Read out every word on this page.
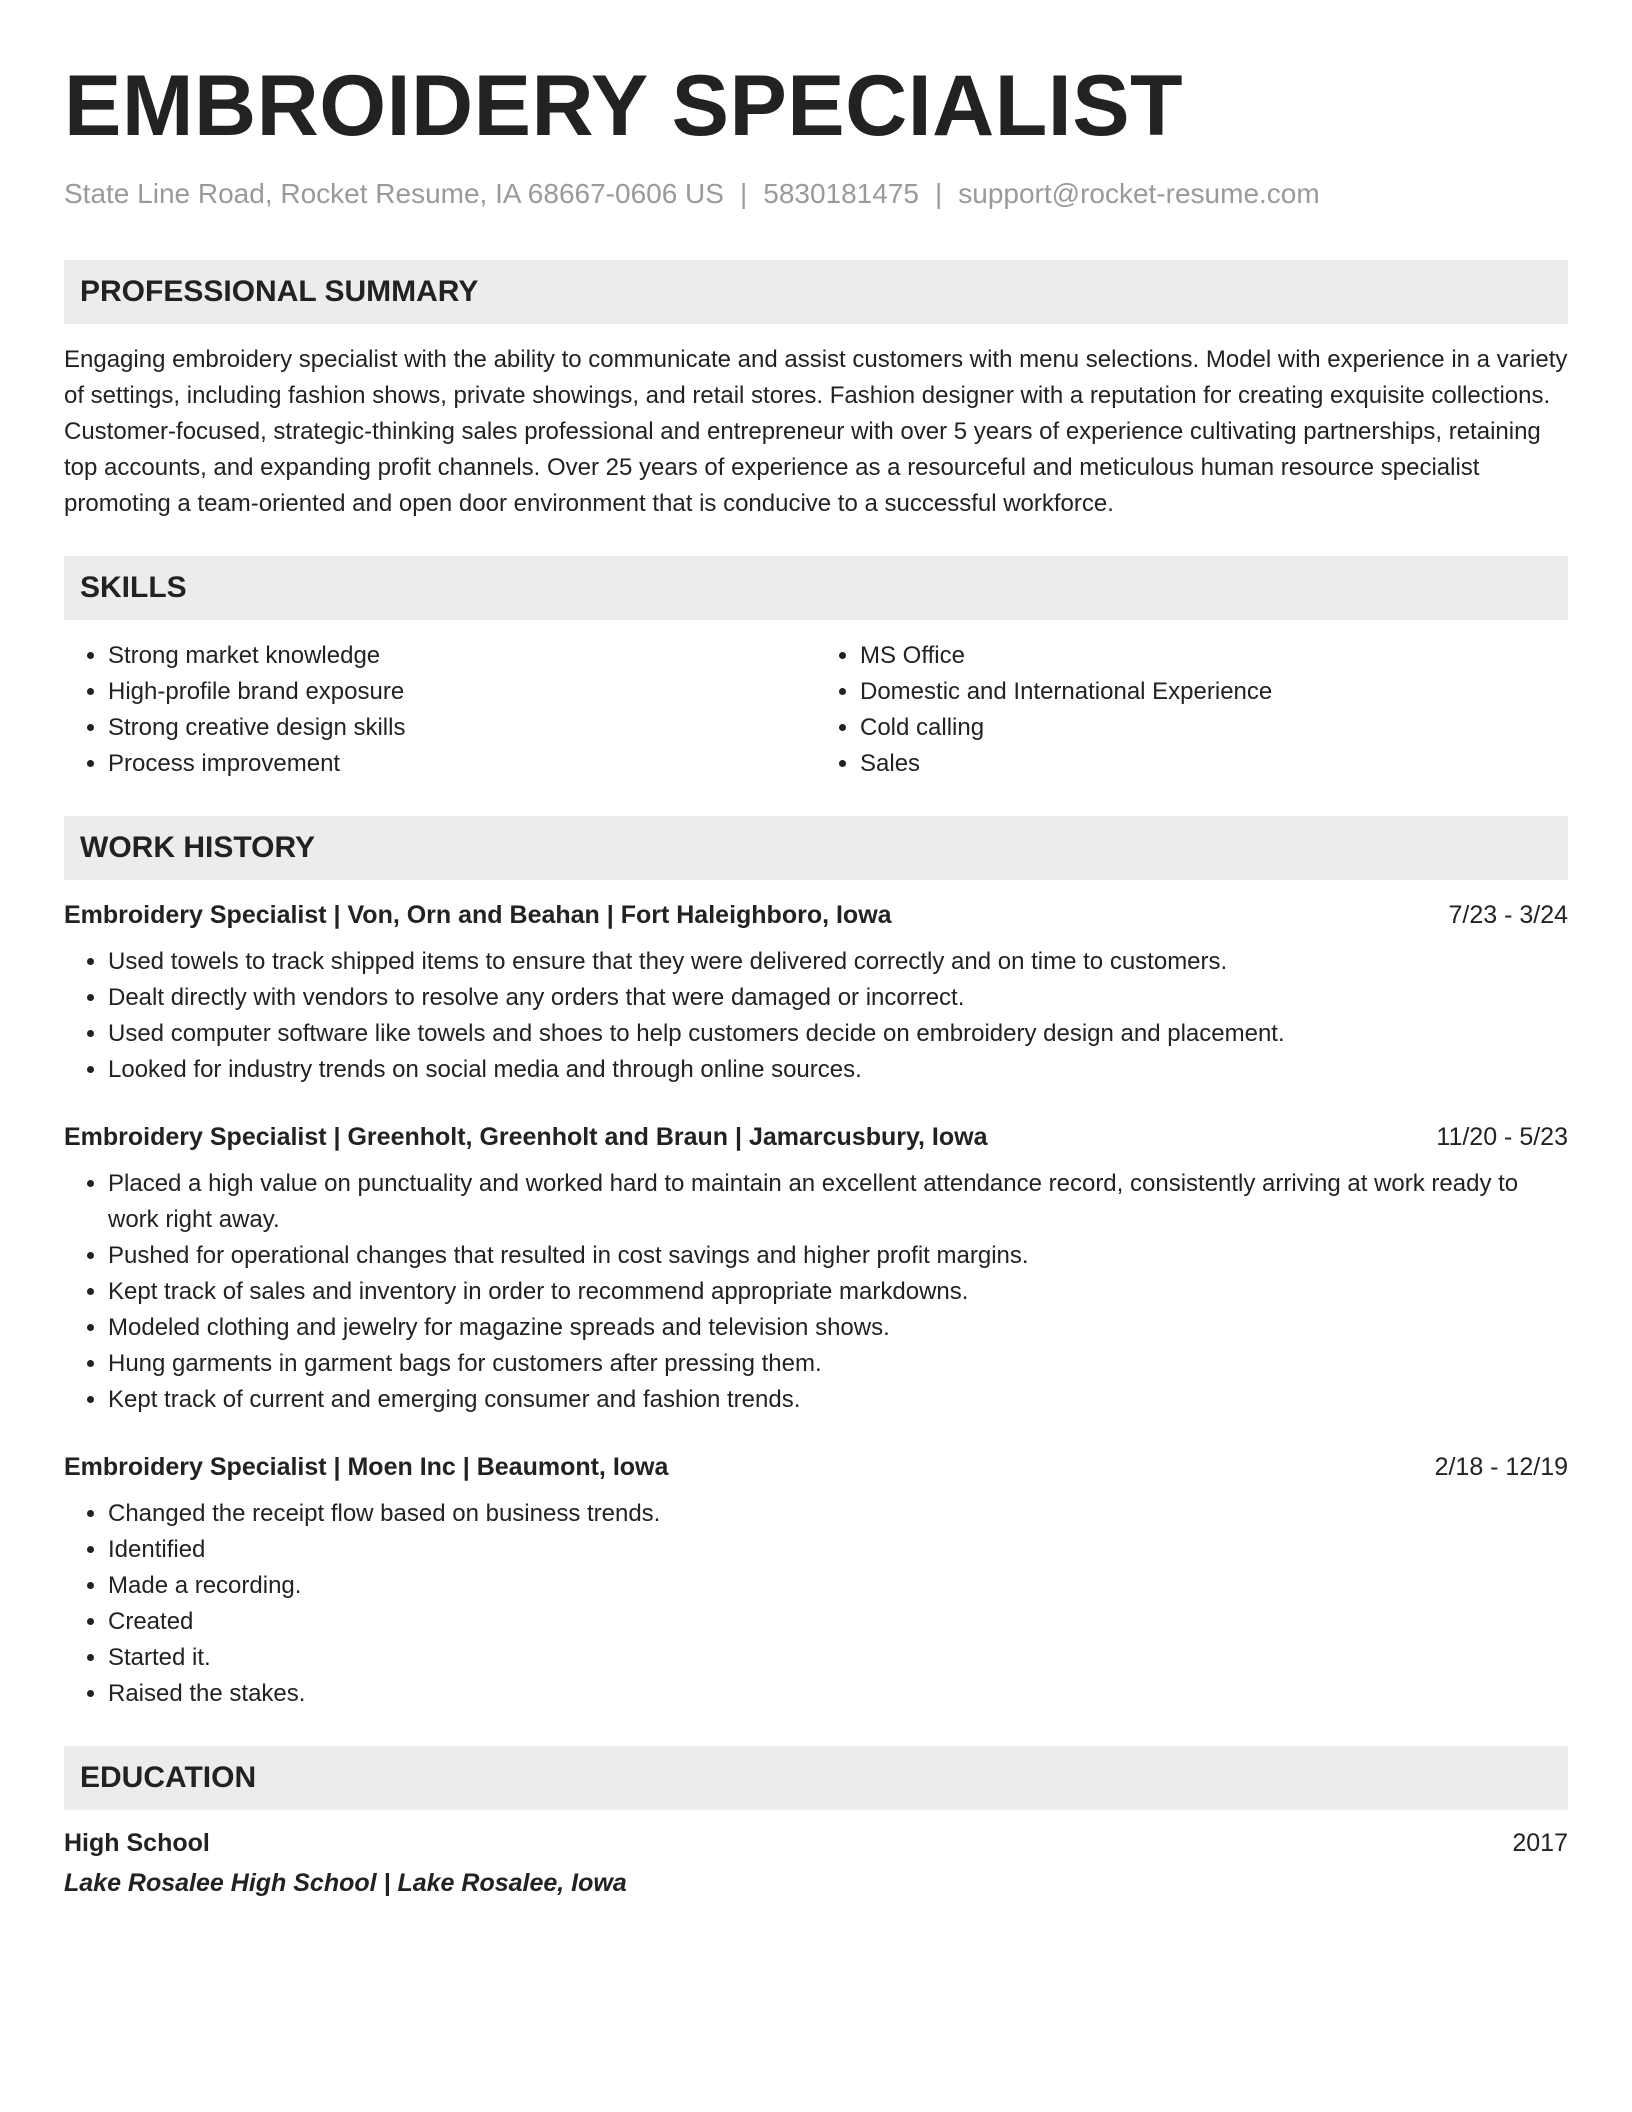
EMBROIDERY SPECIALIST
State Line Road, Rocket Resume, IA 68667-0606 US | 5830181475 | support@rocket-resume.com
PROFESSIONAL SUMMARY
Engaging embroidery specialist with the ability to communicate and assist customers with menu selections. Model with experience in a variety of settings, including fashion shows, private showings, and retail stores. Fashion designer with a reputation for creating exquisite collections. Customer-focused, strategic-thinking sales professional and entrepreneur with over 5 years of experience cultivating partnerships, retaining top accounts, and expanding profit channels. Over 25 years of experience as a resourceful and meticulous human resource specialist promoting a team-oriented and open door environment that is conducive to a successful workforce.
SKILLS
• Strong market knowledge
• High-profile brand exposure
• Strong creative design skills
• Process improvement
• MS Office
• Domestic and International Experience
• Cold calling
• Sales
WORK HISTORY
Embroidery Specialist | Von, Orn and Beahan | Fort Haleighboro, Iowa	7/23 - 3/24
• Used towels to track shipped items to ensure that they were delivered correctly and on time to customers.
• Dealt directly with vendors to resolve any orders that were damaged or incorrect.
• Used computer software like towels and shoes to help customers decide on embroidery design and placement.
• Looked for industry trends on social media and through online sources.
Embroidery Specialist | Greenholt, Greenholt and Braun | Jamarcusbury, Iowa	11/20 - 5/23
• Placed a high value on punctuality and worked hard to maintain an excellent attendance record, consistently arriving at work ready to work right away.
• Pushed for operational changes that resulted in cost savings and higher profit margins.
• Kept track of sales and inventory in order to recommend appropriate markdowns.
• Modeled clothing and jewelry for magazine spreads and television shows.
• Hung garments in garment bags for customers after pressing them.
• Kept track of current and emerging consumer and fashion trends.
Embroidery Specialist | Moen Inc | Beaumont, Iowa	2/18 - 12/19
• Changed the receipt flow based on business trends.
• Identified
• Made a recording.
• Created
• Started it.
• Raised the stakes.
EDUCATION
High School	2017
Lake Rosalee High School | Lake Rosalee, Iowa
